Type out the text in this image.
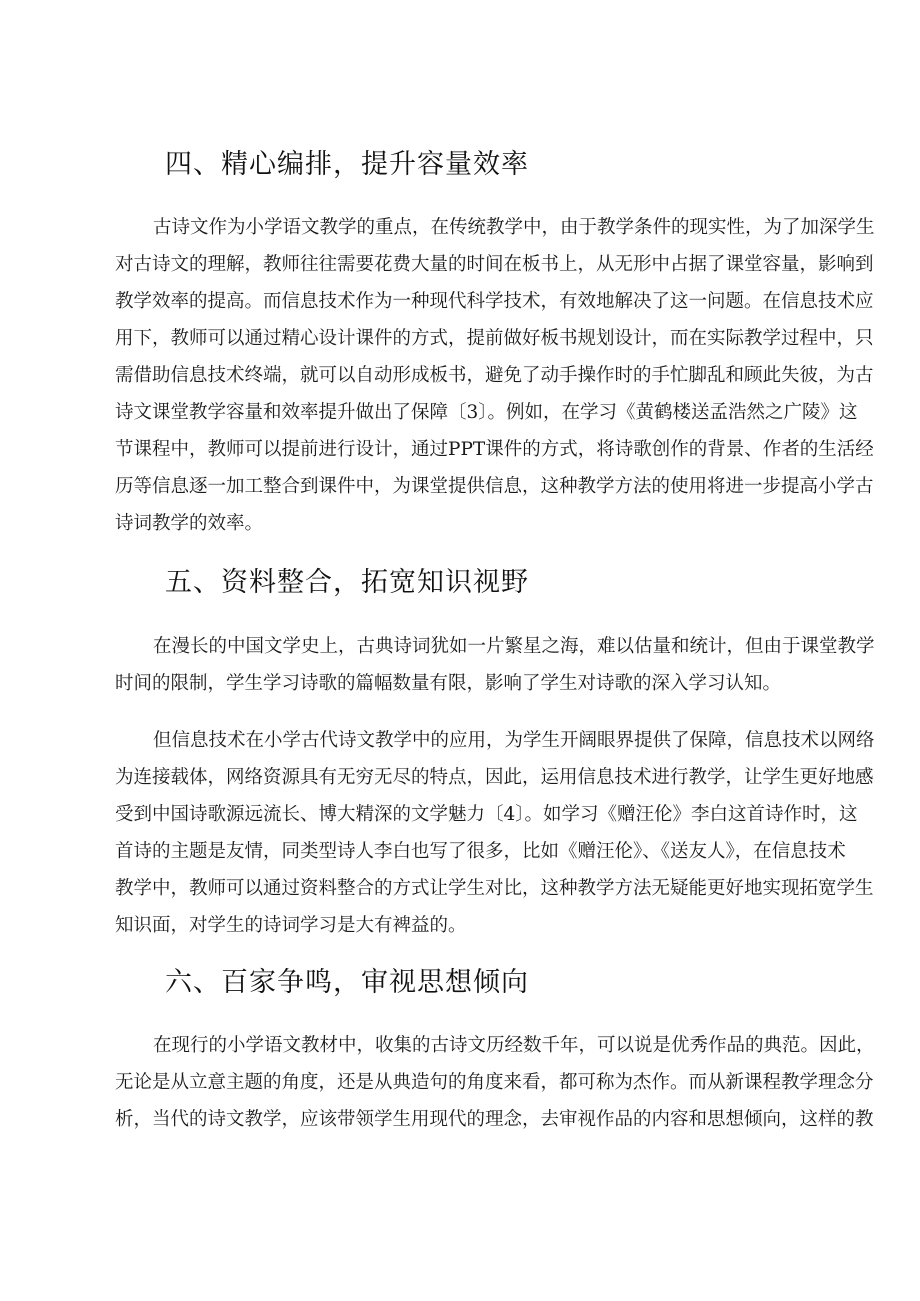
四、精心编排，提升容量效率
古诗文作为小学语文教学的重点，在传统教学中，由于教学条件的现实性，为了加深学生
对古诗文的理解，教师往往需要花费大量的时间在板书上，从无形中占据了课堂容量，影响到
教学效率的提高。而信息技术作为一种现代科学技术，有效地解决了这一问题。在信息技术应
用下，教师可以通过精心设计课件的方式，提前做好板书规划设计，而在实际教学过程中，只
需借助信息技术终端，就可以自动形成板书，避免了动手操作时的手忙脚乱和顾此失彼，为古
诗文课堂教学容量和效率提升做出了保障〔3〕。例如，在学习《黄鹤楼送孟浩然之广陵》这
节课程中，教师可以提前进行设计，通过PPT课件的方式，将诗歌创作的背景、作者的生活经
历等信息逐一加工整合到课件中，为课堂提供信息，这种教学方法的使用将进一步提高小学古
诗词教学的效率。
五、资料整合，拓宽知识视野
在漫长的中国文学史上，古典诗词犹如一片繁星之海，难以估量和统计，但由于课堂教学
时间的限制，学生学习诗歌的篇幅数量有限，影响了学生对诗歌的深入学习认知。
但信息技术在小学古代诗文教学中的应用，为学生开阔眼界提供了保障，信息技术以网络
为连接载体，网络资源具有无穷无尽的特点，因此，运用信息技术进行教学，让学生更好地感
受到中国诗歌源远流长、博大精深的文学魅力〔4〕。如学习《赠汪伦》李白这首诗作时，这
首诗的主题是友情，同类型诗人李白也写了很多，比如《赠汪伦》、《送友人》，在信息技术
教学中，教师可以通过资料整合的方式让学生对比，这种教学方法无疑能更好地实现拓宽学生
知识面，对学生的诗词学习是大有裨益的。
六、百家争鸣，审视思想倾向
在现行的小学语文教材中，收集的古诗文历经数千年，可以说是优秀作品的典范。因此，
无论是从立意主题的角度，还是从典造句的角度来看，都可称为杰作。而从新课程教学理念分
析，当代的诗文教学，应该带领学生用现代的理念，去审视作品的内容和思想倾向，这样的教
